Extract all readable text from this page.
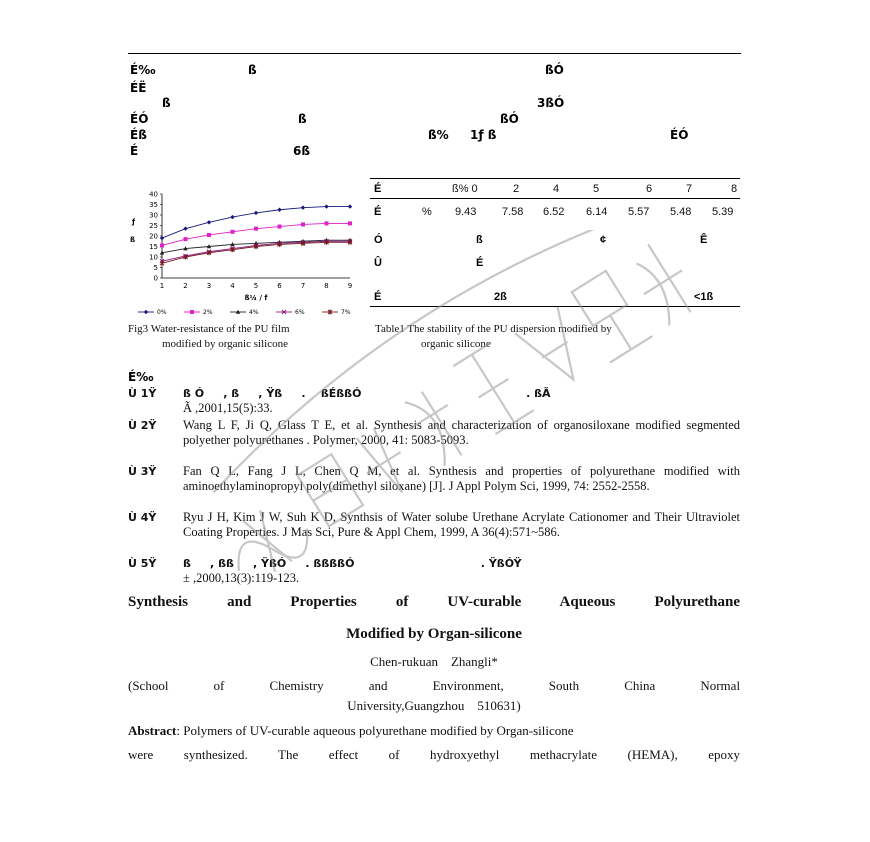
É‰	ß	ßÓ
É̈Ë
ß	3ßÓ
ÉÓ	ß	ßÓ
Éß	ß% 1ƒ ß	ÉÓ
É	6ß
0
5
10
15
20
25
30
35
40
1	2	3	4	5	6	7	8	9
ß¼ / f
ß
ƒ
0%	2%	4%	6%	7%
Fig3 Water-resistance of the PU film
modified by organic silicone
É	ß% 0	2	4	5	6	7	8
É	% 9.43 7.58 6.52 6.14 5.57 5.48 5.39
Ó	ß	¢	Ê
Û	É
É	2ß	<1ß
Table1 The stability of the PU dispersion modified by
organic silicone
É‰
Ù 1Ÿ ß Ó     , ß     , Ÿß     .    ßÉßßÓ                                           . ßÃ
Ã ,2001,15(5):33.
Ù 2Ÿ Wang L F, Ji Q, Glass T E, et al. Synthesis and characterization of organosiloxane modified segmented polyether polyurethanes . Polymer, 2000, 41: 5083-5093.
Ù 3Ÿ Fan Q L, Fang J L, Chen Q M, et al. Synthesis and properties of polyurethane modified with aminoethylaminopropyl poly(dimethyl siloxane) [J]. J Appl Polym Sci, 1999, 74: 2552-2558.
Ù 4Ÿ Ryu J H, Kim J W, Suh K D, Synthsis of Water solube Urethane Acrylate Cationomer and Their Ultraviolet Coating Properties. J Mas Sci, Pure & Appl Chem, 1999, A 36(4):571~586.
Ù 5Ÿ ß     , ßß     , ŸßÓ     . ßßßßÓ                                 . ŸßÓŸ
± ,2000,13(3):119-123.
Synthesis	and	Properties	of	UV-curable	Aqueous	Polyurethane
Modified by Organ-silicone
Chen-rukuan    Zhangli*
(School	of	Chemistry	and	Environment,	South	China	Normal
University,Guangzhou    510631)
Abstract: Polymers of UV-curable aqueous polyurethane modified by Organ-silicone
were synthesized. The effect of hydroxyethyl methacrylate (HEMA), epoxy
